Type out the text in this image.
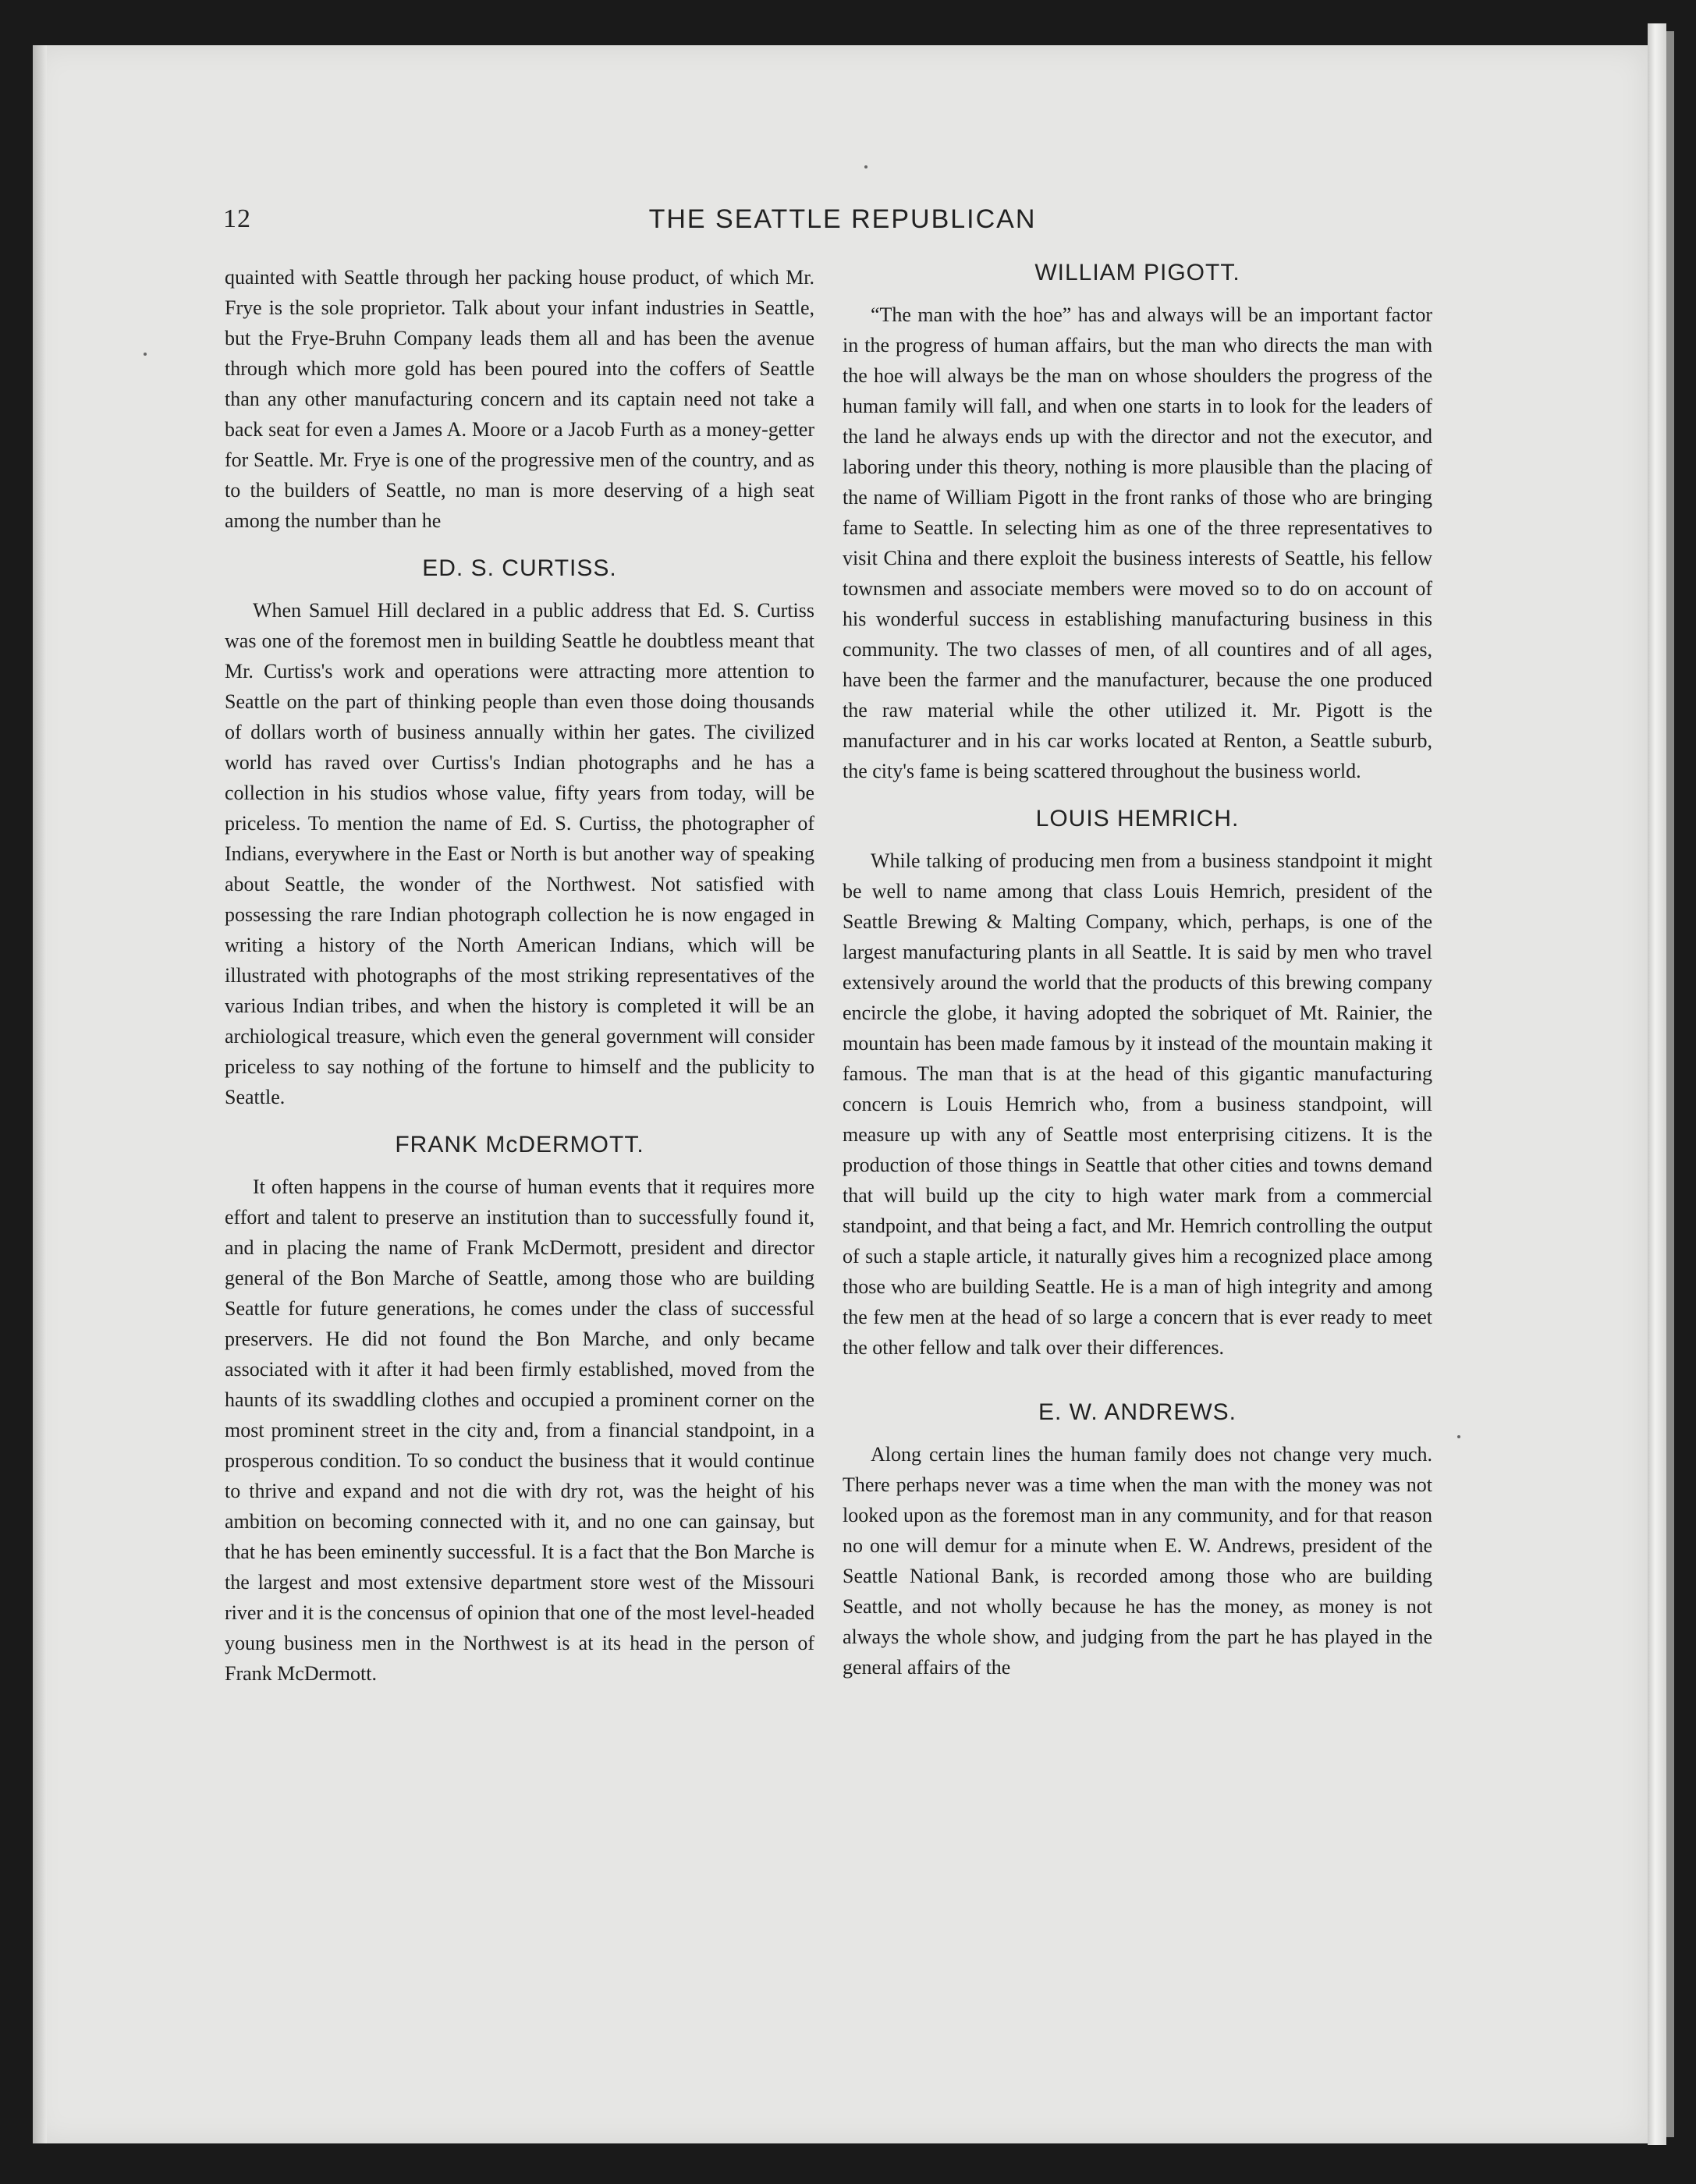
12	THE SEATTLE REPUBLICAN

quainted with Seattle through her packing house product, of which Mr. Frye is the sole proprietor. Talk about your infant industries in Seattle, but the Frye-Bruhn Company leads them all and has been the avenue through which more gold has been poured into the coffers of Seattle than any other manufacturing concern and its captain need not take a back seat for even a James A. Moore or a Jacob Furth as a money-getter for Seattle. Mr. Frye is one of the progressive men of the country, and as to the builders of Seattle, no man is more deserving of a high seat among the number than he

ED. S. CURTISS.

When Samuel Hill declared in a public address that Ed. S. Curtiss was one of the foremost men in building Seattle he doubtless meant that Mr. Curtiss's work and operations were attracting more attention to Seattle on the part of thinking people than even those doing thousands of dollars worth of business annually within her gates. The civilized world has raved over Curtiss's Indian photographs and he has a collection in his studios whose value, fifty years from today, will be priceless. To mention the name of Ed. S. Curtiss, the photographer of Indians, everywhere in the East or North is but another way of speaking about Seattle, the wonder of the Northwest. Not satisfied with possessing the rare Indian photograph collection he is now engaged in writing a history of the North American Indians, which will be illustrated with photographs of the most striking representatives of the various Indian tribes, and when the history is completed it will be an archiological treasure, which even the general government will consider priceless to say nothing of the fortune to himself and the publicity to Seattle.

FRANK McDERMOTT.

It often happens in the course of human events that it requires more effort and talent to preserve an institution than to successfully found it, and in placing the name of Frank McDermott, president and director general of the Bon Marche of Seattle, among those who are building Seattle for future generations, he comes under the class of successful preservers. He did not found the Bon Marche, and only became associated with it after it had been firmly established, moved from the haunts of its swaddling clothes and occupied a prominent corner on the most prominent street in the city and, from a financial standpoint, in a prosperous condition. To so conduct the business that it would continue to thrive and expand and not die with dry rot, was the height of his ambition on becoming connected with it, and no one can gainsay, but that he has been eminently successful. It is a fact that the Bon Marche is the largest and most extensive department store west of the Missouri river and it is the concensus of opinion that one of the most level-headed young business men in the Northwest is at its head in the person of Frank McDermott.

WILLIAM PIGOTT.

“The man with the hoe” has and always will be an important factor in the progress of human affairs, but the man who directs the man with the hoe will always be the man on whose shoulders the progress of the human family will fall, and when one starts in to look for the leaders of the land he always ends up with the director and not the executor, and laboring under this theory, nothing is more plausible than the placing of the name of William Pigott in the front ranks of those who are bringing fame to Seattle. In selecting him as one of the three representatives to visit China and there exploit the business interests of Seattle, his fellow townsmen and associate members were moved so to do on account of his wonderful success in establishing manufacturing business in this community. The two classes of men, of all countires and of all ages, have been the farmer and the manufacturer, because the one produced the raw material while the other utilized it. Mr. Pigott is the manufacturer and in his car works located at Renton, a Seattle suburb, the city's fame is being scattered throughout the business world.

LOUIS HEMRICH.

While talking of producing men from a business standpoint it might be well to name among that class Louis Hemrich, president of the Seattle Brewing & Malting Company, which, perhaps, is one of the largest manufacturing plants in all Seattle. It is said by men who travel extensively around the world that the products of this brewing company encircle the globe, it having adopted the sobriquet of Mt. Rainier, the mountain has been made famous by it instead of the mountain making it famous. The man that is at the head of this gigantic manufacturing concern is Louis Hemrich who, from a business standpoint, will measure up with any of Seattle most enterprising citizens. It is the production of those things in Seattle that other cities and towns demand that will build up the city to high water mark from a commercial standpoint, and that being a fact, and Mr. Hemrich controlling the output of such a staple article, it naturally gives him a recognized place among those who are building Seattle. He is a man of high integrity and among the few men at the head of so large a concern that is ever ready to meet the other fellow and talk over their differences.

E. W. ANDREWS.

Along certain lines the human family does not change very much. There perhaps never was a time when the man with the money was not looked upon as the foremost man in any community, and for that reason no one will demur for a minute when E. W. Andrews, president of the Seattle National Bank, is recorded among those who are building Seattle, and not wholly because he has the money, as money is not always the whole show, and judging from the part he has played in the general affairs of the
